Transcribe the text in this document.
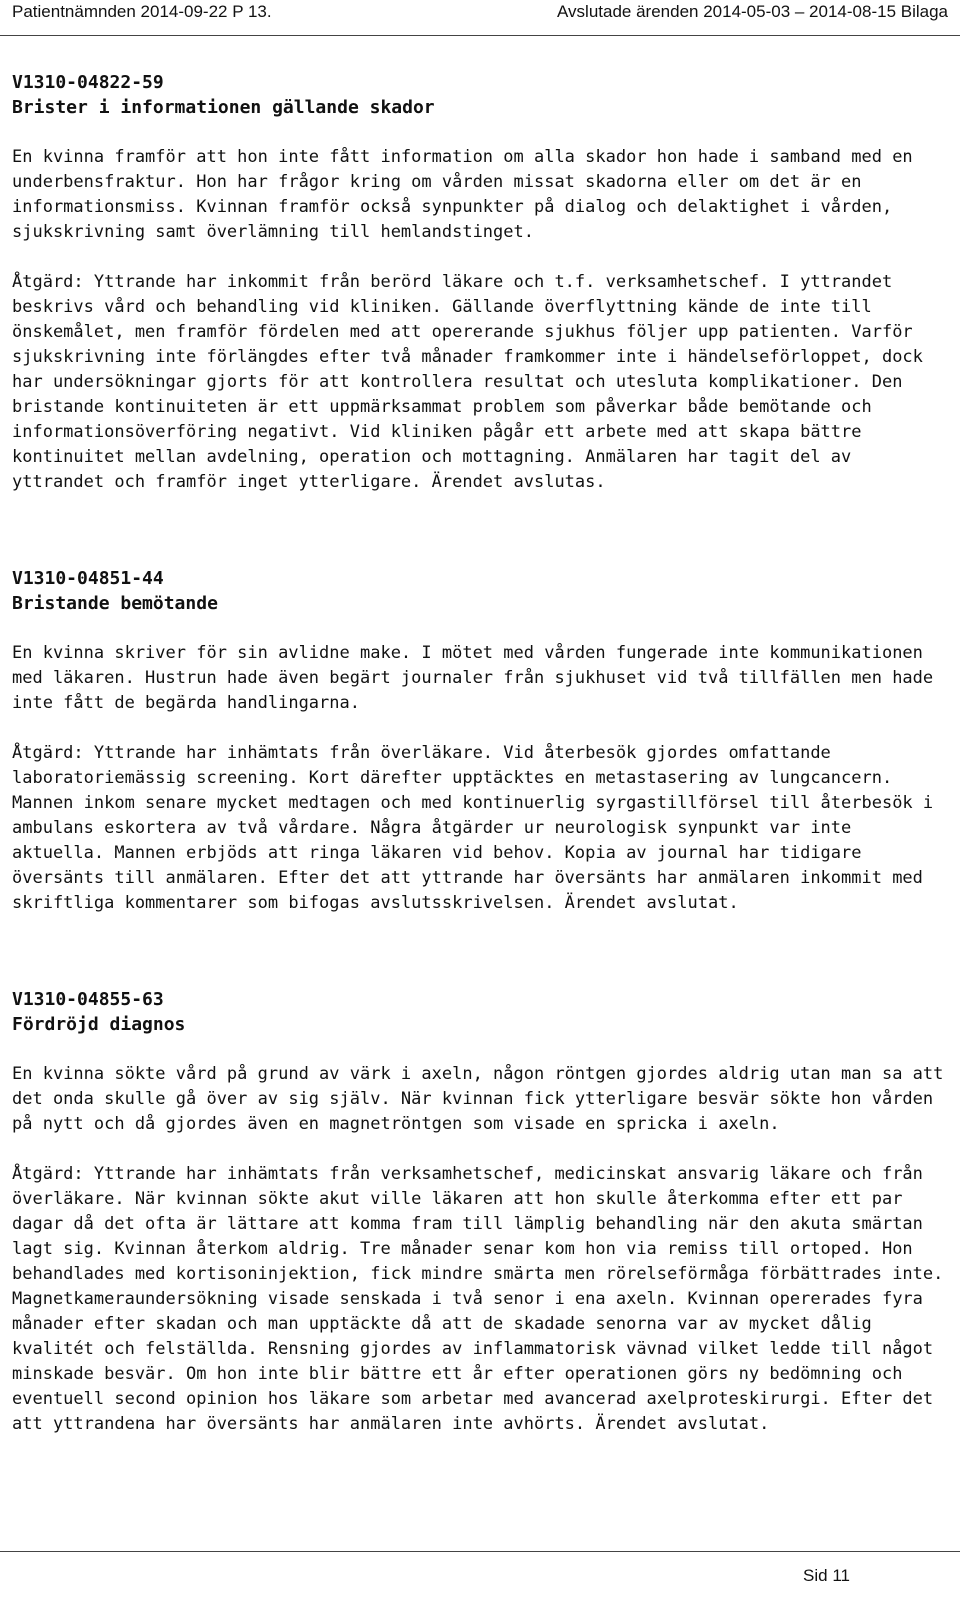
Patientnämnden 2014-09-22 P 13.	Avslutade ärenden 2014-05-03 – 2014-08-15 Bilaga

V1310-04822-59

Brister i informationen gällande skador

En kvinna framför att hon inte fått information om alla skador hon hade i samband med en underbensfraktur. Hon har frågor kring om vården missat skadorna eller om det är en informationsmiss. Kvinnan framför också synpunkter på dialog och delaktighet i vården, sjukskrivning samt överlämning till hemlandstinget.

Åtgärd: Yttrande har inkommit från berörd läkare och t.f. verksamhetschef. I yttrandet beskrivs vård och behandling vid kliniken. Gällande överflyttning kände de inte till önskemålet, men framför fördelen med att opererande sjukhus följer upp patienten. Varför sjukskrivning inte förlängdes efter två månader framkommer inte i händelseförloppet, dock har undersökningar gjorts för att kontrollera resultat och utesluta komplikationer. Den bristande kontinuiteten är ett uppmärksammat problem som påverkar både bemötande och informationsöverföring negativt. Vid kliniken pågår ett arbete med att skapa bättre kontinuitet mellan avdelning, operation och mottagning. Anmälaren har tagit del av yttrandet och framför inget ytterligare. Ärendet avslutas.

V1310-04851-44

Bristande bemötande

En kvinna skriver för sin avlidne make. I mötet med vården fungerade inte kommunikationen med läkaren. Hustrun hade även begärt journaler från sjukhuset vid två tillfällen men hade inte fått de begärda handlingarna.

Åtgärd: Yttrande har inhämtats från överläkare. Vid återbesök gjordes omfattande laboratoriemässig screening. Kort därefter upptäcktes en metastasering av lungcancern. Mannen inkom senare mycket medtagen och med kontinuerlig syrgastillförsel till återbesök i ambulans eskortera av två vårdare. Några åtgärder ur neurologisk synpunkt var inte aktuella. Mannen erbjöds att ringa läkaren vid behov. Kopia av journal har tidigare översänts till anmälaren. Efter det att yttrande har översänts har anmälaren inkommit med skriftliga kommentarer som bifogas avslutsskrivelsen. Ärendet avslutat.

V1310-04855-63

Fördröjd diagnos

En kvinna sökte vård på grund av värk i axeln, någon röntgen gjordes aldrig utan man sa att det onda skulle gå över av sig själv. När kvinnan fick ytterligare besvär sökte hon vården på nytt och då gjordes även en magnetröntgen som visade en spricka i axeln.

Åtgärd: Yttrande har inhämtats från verksamhetschef, medicinskat ansvarig läkare och från överläkare. När kvinnan sökte akut ville läkaren att hon skulle återkomma efter ett par dagar då det ofta är lättare att komma fram till lämplig behandling när den akuta smärtan lagt sig. Kvinnan återkom aldrig. Tre månader senar kom hon via remiss till ortoped. Hon behandlades med kortisoninjektion, fick mindre smärta men rörelseförmåga förbättrades inte. Magnetkameraundersökning visade senskada i två senor i ena axeln. Kvinnan opererades fyra månader efter skadan och man upptäckte då att de skadade senorna var av mycket dålig kvalitét och felställda. Rensning gjordes av inflammatorisk vävnad vilket ledde till något minskade besvär. Om hon inte blir bättre ett år efter operationen görs ny bedömning och eventuell second opinion hos läkare som arbetar med avancerad axelproteskirurgi. Efter det att yttrandena har översänts har anmälaren inte avhörts. Ärendet avslutat.

Sid 11
